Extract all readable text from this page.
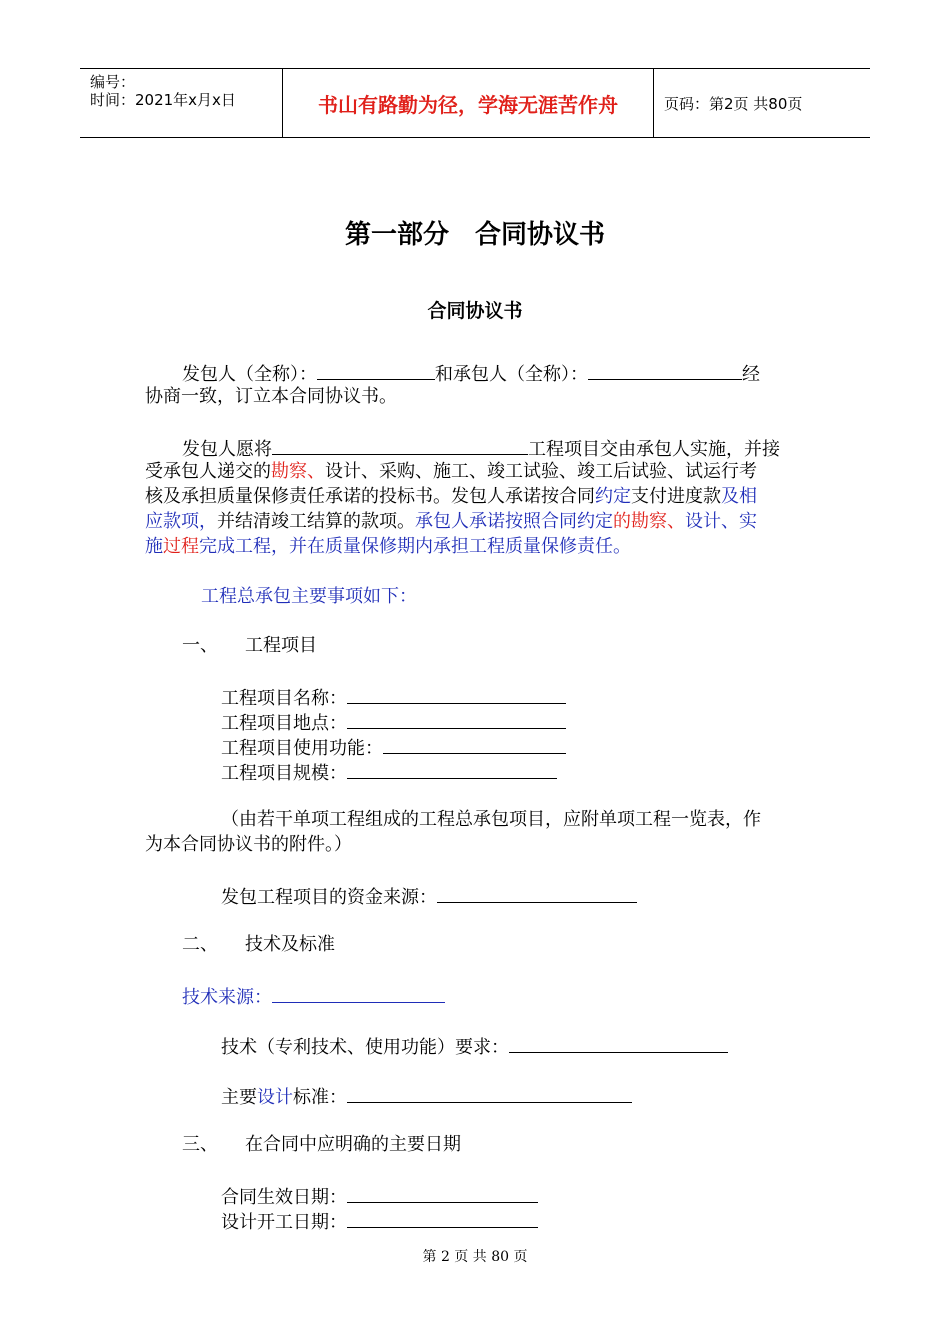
编号：
时间：2021年x月x日	书山有路勤为径，学海无涯苦作舟	页码：第2页 共80页
第一部分　合同协议书
合同协议书
发包人（全称）：	和承包人（全称）：	经
协商一致，订立本合同协议书。
发包人愿将	工程项目交由承包人实施，并接
受承包人递交的勘察、设计、采购、施工、竣工试验、竣工后试验、试运行考
核及承担质量保修责任承诺的投标书。发包人承诺按合同约定支付进度款及相
应款项，并结清竣工结算的款项。承包人承诺按照合同约定的勘察、设计、实
施过程完成工程，并在质量保修期内承担工程质量保修责任。
工程总承包主要事项如下：
一、 工程项目
工程项目名称：
工程项目地点：
工程项目使用功能：
工程项目规模：
（由若干单项工程组成的工程总承包项目，应附单项工程一览表，作
为本合同协议书的附件。）
发包工程项目的资金来源：
二、 技术及标准
技术来源：
技术（专利技术、使用功能）要求：
主要设计标准：
三、 在合同中应明确的主要日期
合同生效日期：
设计开工日期：
第 2 页 共 80 页
